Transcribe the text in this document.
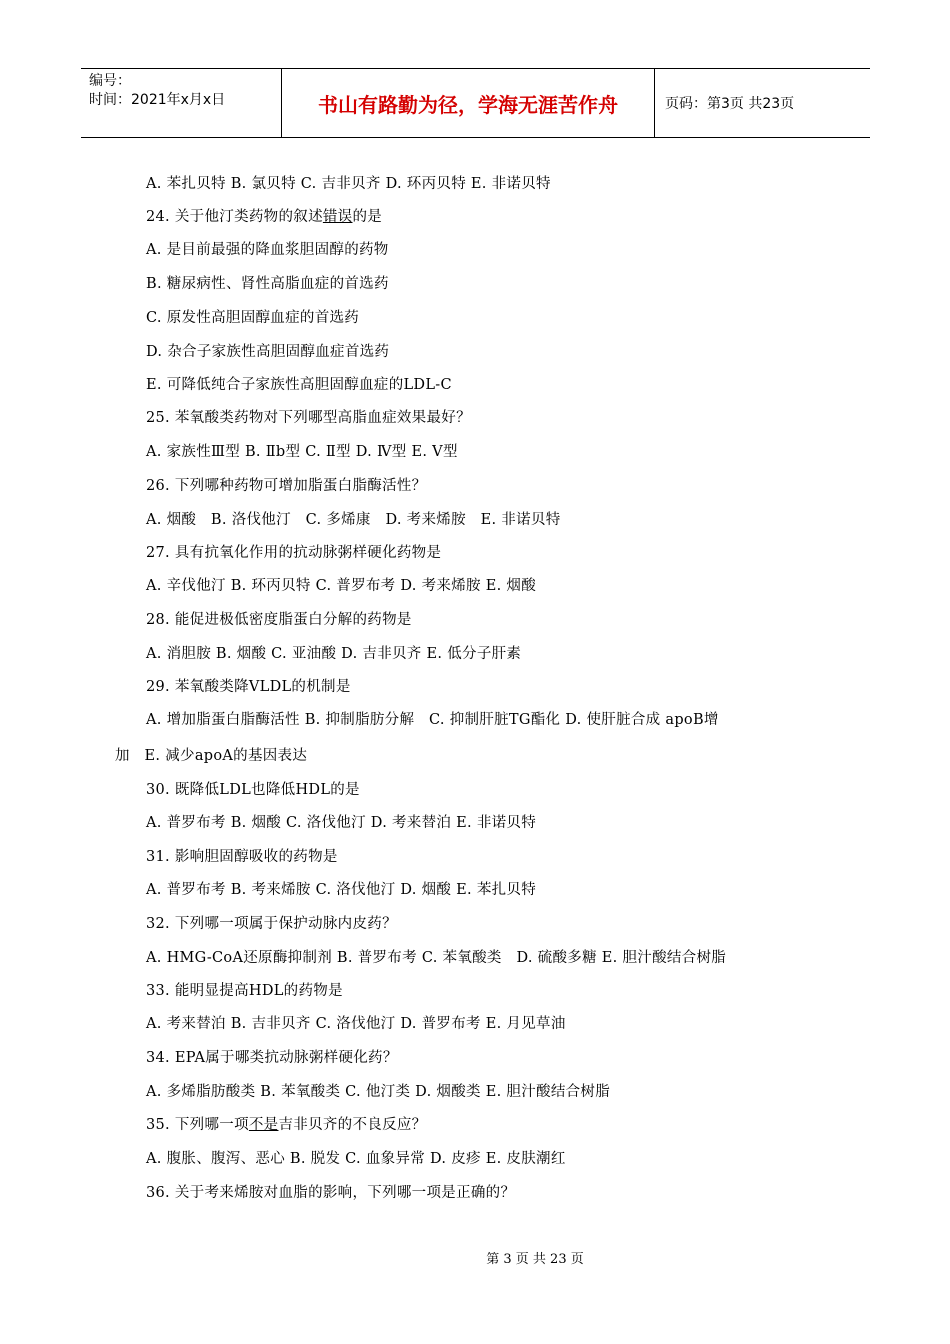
编号：
时间：2021年x月x日	书山有路勤为径，学海无涯苦作舟	页码：第3页 共23页
A. 苯扎贝特 B. 氯贝特 C. 吉非贝齐 D. 环丙贝特 E. 非诺贝特
24. 关于他汀类药物的叙述错误的是
A. 是目前最强的降血浆胆固醇的药物
B. 糖尿病性、肾性高脂血症的首选药
C. 原发性高胆固醇血症的首选药
D. 杂合子家族性高胆固醇血症首选药
E. 可降低纯合子家族性高胆固醇血症的LDL-C
25. 苯氧酸类药物对下列哪型高脂血症效果最好？
A. 家族性Ⅲ型 B. Ⅱb型 C. Ⅱ型 D. Ⅳ型 E. Ⅴ型
26. 下列哪种药物可增加脂蛋白脂酶活性？
A. 烟酸   B. 洛伐他汀   C. 多烯康   D. 考来烯胺   E. 非诺贝特
27. 具有抗氧化作用的抗动脉粥样硬化药物是
A. 辛伐他汀 B. 环丙贝特 C. 普罗布考 D. 考来烯胺 E. 烟酸
28. 能促进极低密度脂蛋白分解的药物是
A. 消胆胺 B. 烟酸 C. 亚油酸 D. 吉非贝齐 E. 低分子肝素
29. 苯氧酸类降VLDL的机制是
A. 增加脂蛋白脂酶活性 B. 抑制脂肪分解   C. 抑制肝脏TG酯化 D. 使肝脏合成 apoB增
加   E. 减少apoA的基因表达
30. 既降低LDL也降低HDL的是
A. 普罗布考 B. 烟酸 C. 洛伐他汀 D. 考来替泊 E. 非诺贝特
31. 影响胆固醇吸收的药物是
A. 普罗布考 B. 考来烯胺 C. 洛伐他汀 D. 烟酸 E. 苯扎贝特
32. 下列哪一项属于保护动脉内皮药？
A. HMG-CoA还原酶抑制剂 B. 普罗布考 C. 苯氧酸类   D. 硫酸多糖 E. 胆汁酸结合树脂
33. 能明显提高HDL的药物是
A. 考来替泊 B. 吉非贝齐 C. 洛伐他汀 D. 普罗布考 E. 月见草油
34. EPA属于哪类抗动脉粥样硬化药？
A. 多烯脂肪酸类 B. 苯氧酸类 C. 他汀类 D. 烟酸类 E. 胆汁酸结合树脂
35. 下列哪一项不是吉非贝齐的不良反应？
A. 腹胀、腹泻、恶心 B. 脱发 C. 血象异常 D. 皮疹 E. 皮肤潮红
36. 关于考来烯胺对血脂的影响，下列哪一项是正确的？
第 3 页 共 23 页
